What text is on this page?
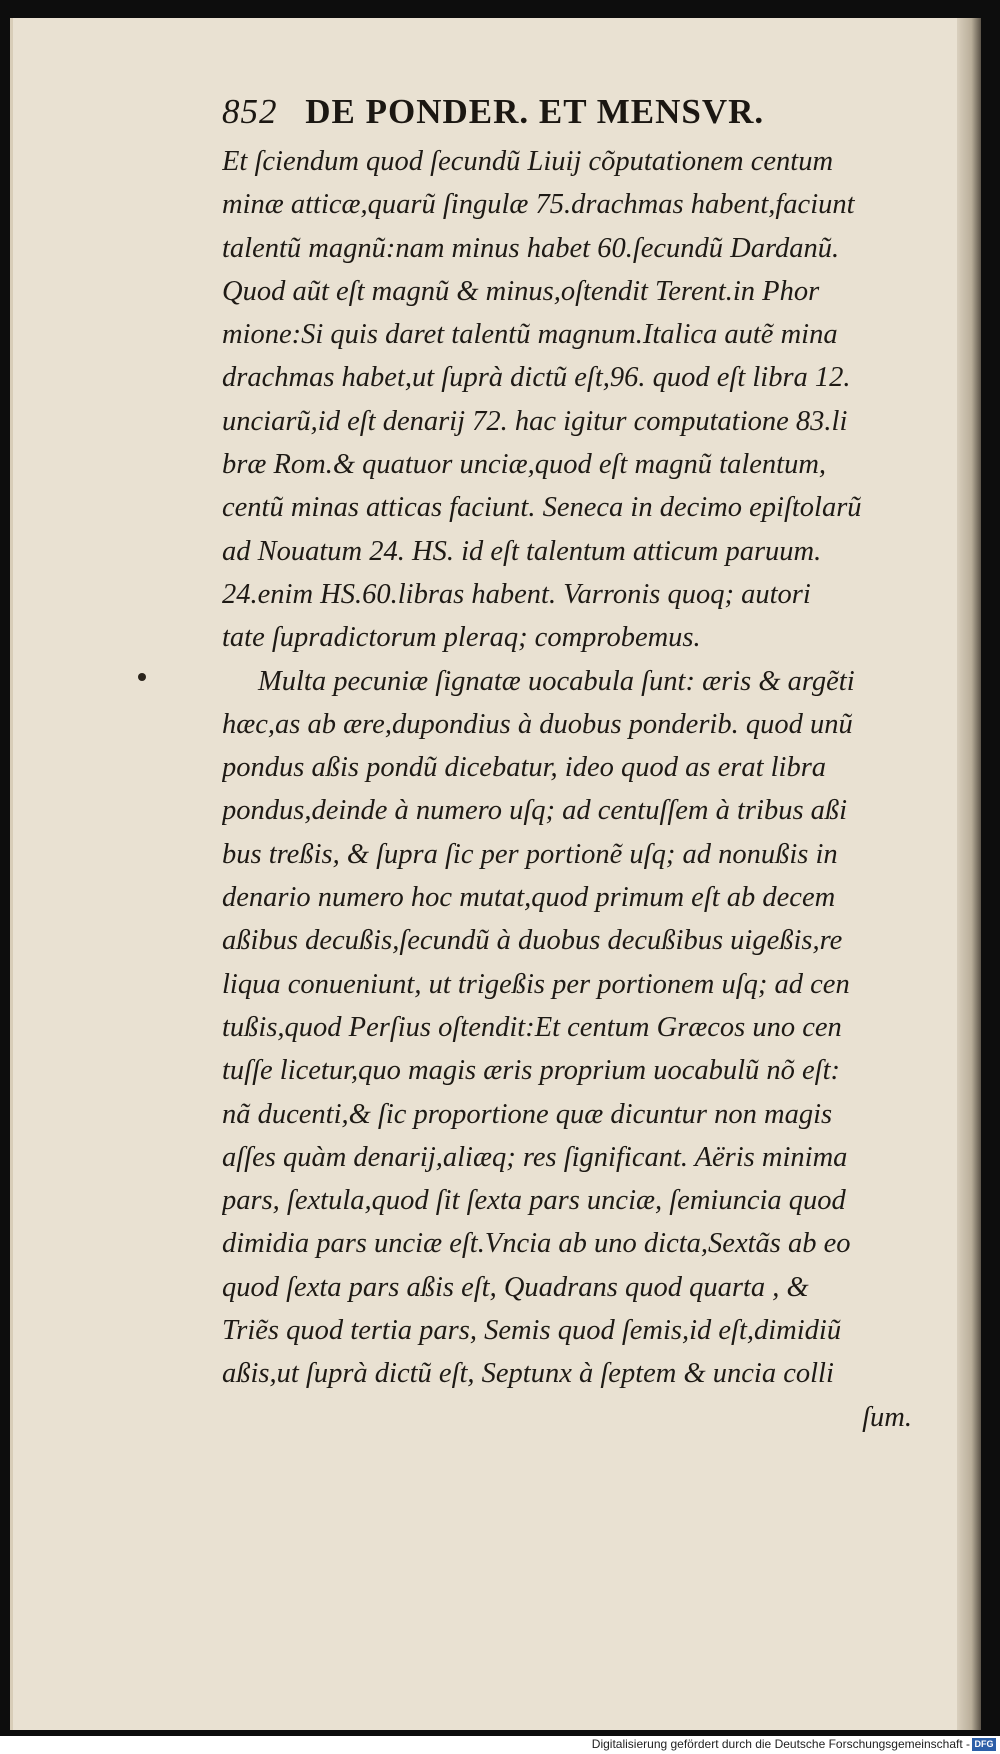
852 DE PONDER. ET MENSVR.
Et ſciendum quod ſecundũ Liuij cõputationem centum
minæ atticæ,quarũ ſingulæ 75.drachmas habent,faciunt
talentũ magnũ:nam minus habet 60.ſecundũ Dardanũ.
Quod aũt eſt magnũ & minus,oſtendit Terent.in Phor
mione:Si quis daret talentũ magnum.Italica autẽ mina
drachmas habet,ut ſuprà dictũ eſt,96. quod eſt libra 12.
unciarũ,id eſt denarij 72. hac igitur computatione 83.li
bræ Rom.& quatuor unciæ,quod eſt magnũ talentum,
centũ minas atticas faciunt. Seneca in decimo epiſtolarũ
ad Nouatum 24. HS. id eſt talentum atticum paruum.
24.enim HS.60.libras habent. Varronis quoq; autori
tate ſupradictorum pleraq; comprobemus.
Multa pecuniæ ſignatæ uocabula ſunt: æris & argẽti
hæc,as ab ære,dupondius à duobus ponderib. quod unũ
pondus aßis pondũ dicebatur, ideo quod as erat libra
pondus,deinde à numero uſq; ad centuſſem à tribus aßi
bus treßis, & ſupra ſic per portionẽ uſq; ad nonußis in
denario numero hoc mutat,quod primum eſt ab decem
aßibus decußis,ſecundũ à duobus decußibus uigeßis,re
liqua conueniunt, ut trigeßis per portionem uſq; ad cen
tußis,quod Perſius oſtendit:Et centum Græcos uno cen
tuſſe licetur,quo magis æris proprium uocabulũ nõ eſt:
nã ducenti,& ſic proportione quæ dicuntur non magis
aſſes quàm denarij,aliæq; res ſignificant. Aëris minima
pars, ſextula,quod ſit ſexta pars unciæ, ſemiuncia quod
dimidia pars unciæ eſt.Vncia ab uno dicta,Sextãs ab eo
quod ſexta pars aßis eſt, Quadrans quod quarta , &
Triẽs quod tertia pars, Semis quod ſemis,id eſt,dimidiũ
aßis,ut ſuprà dictũ eſt, Septunx à ſeptem & uncia colli
ſum.
Digitalisierung gefördert durch die Deutsche Forschungsgemeinschaft - DFG
